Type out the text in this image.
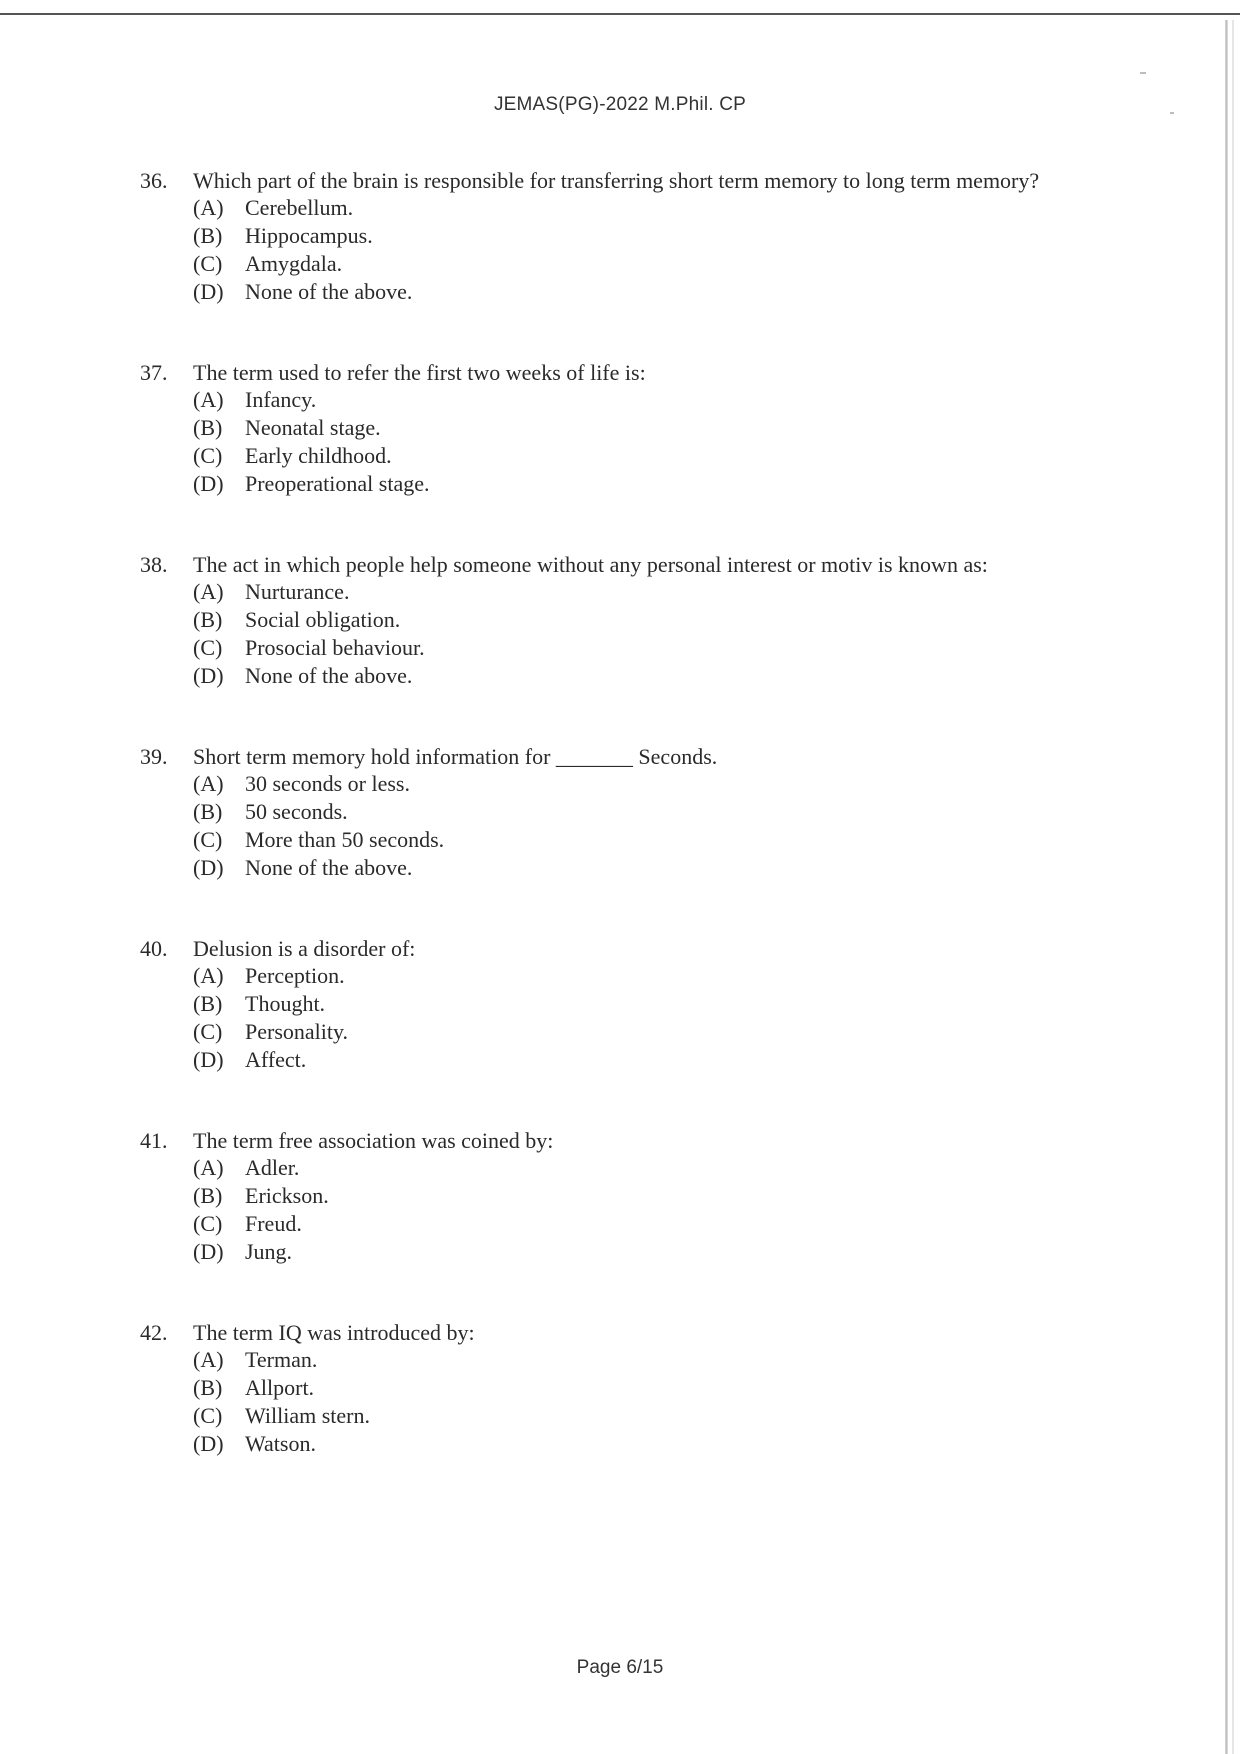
JEMAS(PG)-2022 M.Phil. CP
36. Which part of the brain is responsible for transferring short term memory to long term memory?
(A) Cerebellum.
(B)	Hippocampus.
(C)	Amygdala.
(D) None of the above.
37. The term used to refer the first two weeks of life is:
(A) Infancy.
(B)	Neonatal stage.
(C)	Early childhood.
(D) Preoperational stage.
38. The act in which people help someone without any personal interest or motiv is known as:
(A) Nurturance.
(B)	Social obligation.
(C)	Prosocial behaviour.
(D) None of the above.
39. Short term memory hold information for _______ Seconds.
(A) 30 seconds or less.
(B)	50 seconds.
(C)	More than 50 seconds.
(D) None of the above.
40. Delusion is a disorder of:
(A) Perception.
(B)	Thought.
(C)	Personality.
(D) Affect.
41. The term free association was coined by:
(A) Adler.
(B)	Erickson.
(C)	Freud.
(D) Jung.
42. The term IQ was introduced by:
(A) Terman.
(B)	Allport.
(C)	William stern.
(D) Watson.
Page 6/15
